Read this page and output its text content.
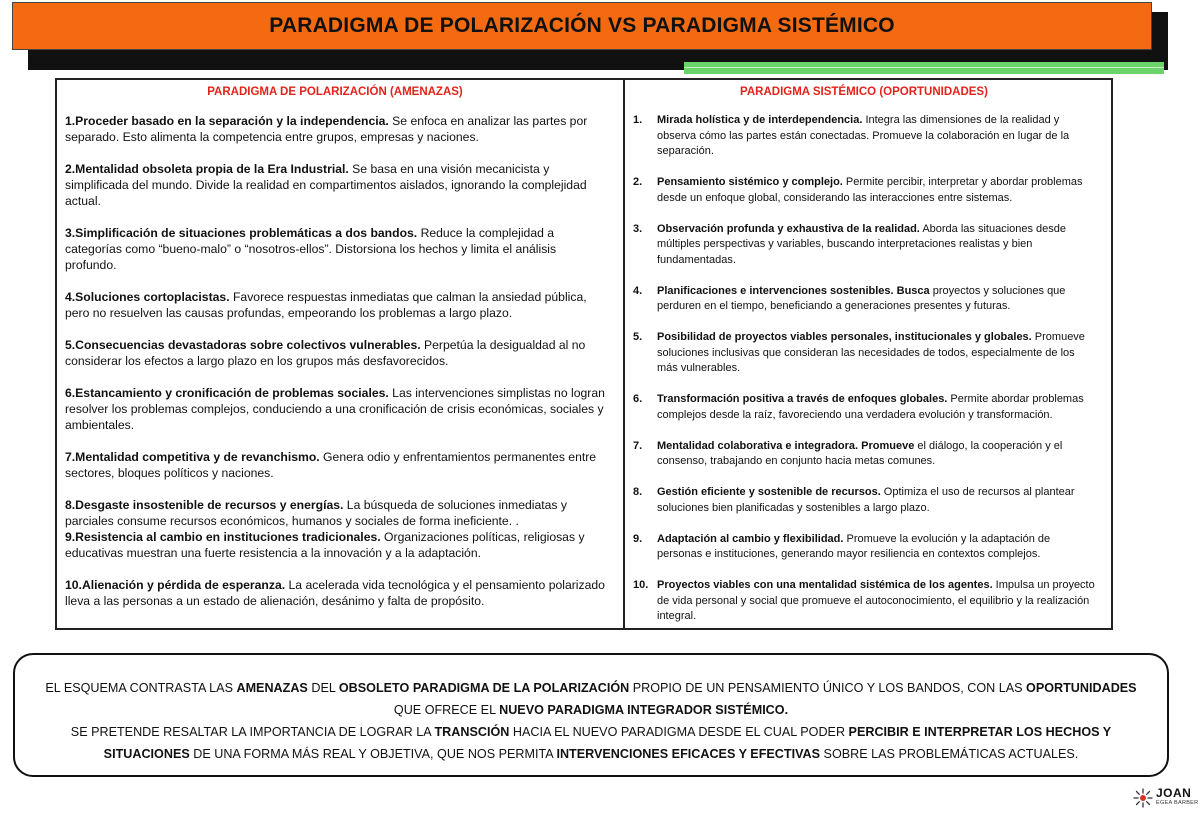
PARADIGMA DE POLARIZACIÓN VS PARADIGMA SISTÉMICO
PARADIGMA DE POLARIZACIÓN (AMENAZAS)
1.Proceder basado en la separación y la independencia. Se enfoca en analizar las partes por separado. Esto alimenta la competencia entre grupos, empresas y naciones.
2.Mentalidad obsoleta propia de la Era Industrial. Se basa en una visión mecanicista y simplificada del mundo. Divide la realidad en compartimentos aislados, ignorando la complejidad actual.
3.Simplificación de situaciones problemáticas a dos bandos. Reduce la complejidad a categorías como “bueno-malo” o “nosotros-ellos”. Distorsiona los hechos y limita el análisis profundo.
4.Soluciones cortoplacistas. Favorece respuestas inmediatas que calman la ansiedad pública, pero no resuelven las causas profundas, empeorando los problemas a largo plazo.
5.Consecuencias devastadoras sobre colectivos vulnerables. Perpetúa la desigualdad al no considerar los efectos a largo plazo en los grupos más desfavorecidos.
6.Estancamiento y cronificación de problemas sociales. Las intervenciones simplistas no logran resolver los problemas complejos, conduciendo a una cronificación de crisis económicas, sociales y ambientales.
7.Mentalidad competitiva y de revanchismo. Genera odio y enfrentamientos permanentes entre sectores, bloques políticos y naciones.
8.Desgaste insostenible de recursos y energías. La búsqueda de soluciones inmediatas y parciales consume recursos económicos, humanos y sociales de forma ineficiente. .
9.Resistencia al cambio en instituciones tradicionales. Organizaciones políticas, religiosas y educativas muestran una fuerte resistencia a la innovación y a la adaptación.
10.Alienación y pérdida de esperanza. La acelerada vida tecnológica y el pensamiento polarizado lleva a las personas a un estado de alienación, desánimo y falta de propósito.
PARADIGMA SISTÉMICO (OPORTUNIDADES)
1.	Mirada holística y de interdependencia. Integra las dimensiones de la realidad y observa cómo las partes están conectadas. Promueve la colaboración en lugar de la separación.
2.	Pensamiento sistémico y complejo. Permite percibir, interpretar y abordar problemas desde un enfoque global, considerando las interacciones entre sistemas.
3.	Observación profunda y exhaustiva de la realidad. Aborda las situaciones desde múltiples perspectivas y variables, buscando interpretaciones realistas y bien fundamentadas.
4.	Planificaciones e intervenciones sostenibles. Busca proyectos y soluciones que perduren en el tiempo, beneficiando a generaciones presentes y futuras.
5.	Posibilidad de proyectos viables personales, institucionales y globales. Promueve soluciones inclusivas que consideran las necesidades de todos, especialmente de los más vulnerables.
6.	Transformación positiva a través de enfoques globales. Permite abordar problemas complejos desde la raíz, favoreciendo una verdadera evolución y transformación.
7.	Mentalidad colaborativa e integradora. Promueve el diálogo, la cooperación y el consenso, trabajando en conjunto hacia metas comunes.
8.	Gestión eficiente y sostenible de recursos. Optimiza el uso de recursos al plantear soluciones bien planificadas y sostenibles a largo plazo.
9.	Adaptación al cambio y flexibilidad. Promueve la evolución y la adaptación de personas e instituciones, generando mayor resiliencia en contextos complejos.
10. Proyectos viables con una mentalidad sistémica de los agentes. Impulsa un proyecto de vida personal y social que promueve el autoconocimiento, el equilibrio y la realización integral.
EL ESQUEMA CONTRASTA LAS AMENAZAS DEL OBSOLETO PARADIGMA DE LA POLARIZACIÓN PROPIO DE UN PENSAMIENTO ÚNICO Y LOS BANDOS, CON LAS OPORTUNIDADES QUE OFRECE EL NUEVO PARADIGMA INTEGRADOR SISTÉMICO.
SE PRETENDE RESALTAR LA IMPORTANCIA DE LOGRAR LA TRANSCIÓN HACIA EL NUEVO PARADIGMA DESDE EL CUAL PODER PERCIBIR E INTERPRETAR LOS HECHOS Y SITUACIONES DE UNA FORMA MÁS REAL Y OBJETIVA, QUE NOS PERMITA INTERVENCIONES EFICACES Y EFECTIVAS SOBRE LAS PROBLEMÁTICAS ACTUALES.
JOAN
EGEA BARBER
